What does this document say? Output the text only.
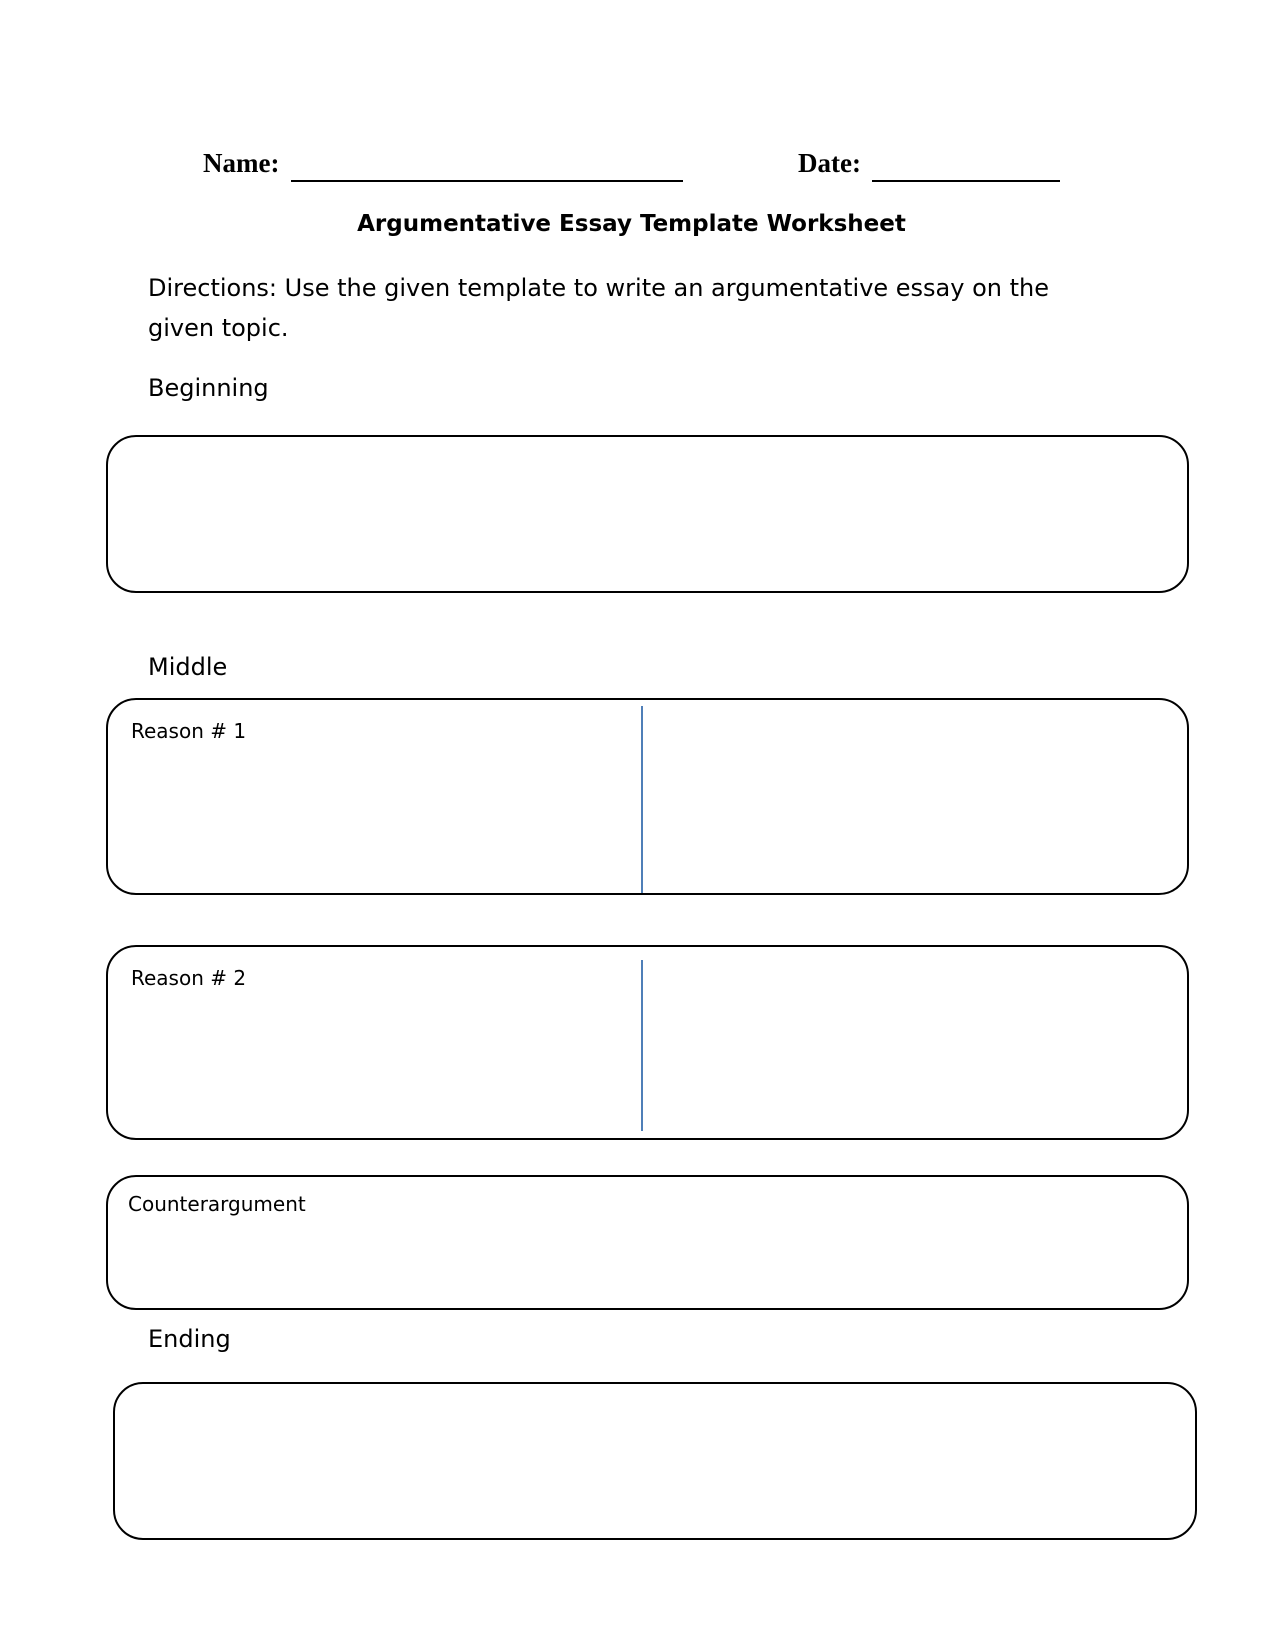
Name:	Date:
Argumentative Essay Template Worksheet
Directions: Use the given template to write an argumentative essay on the given topic.
Beginning
Middle
Reason # 1
Reason # 2
Counterargument
Ending
